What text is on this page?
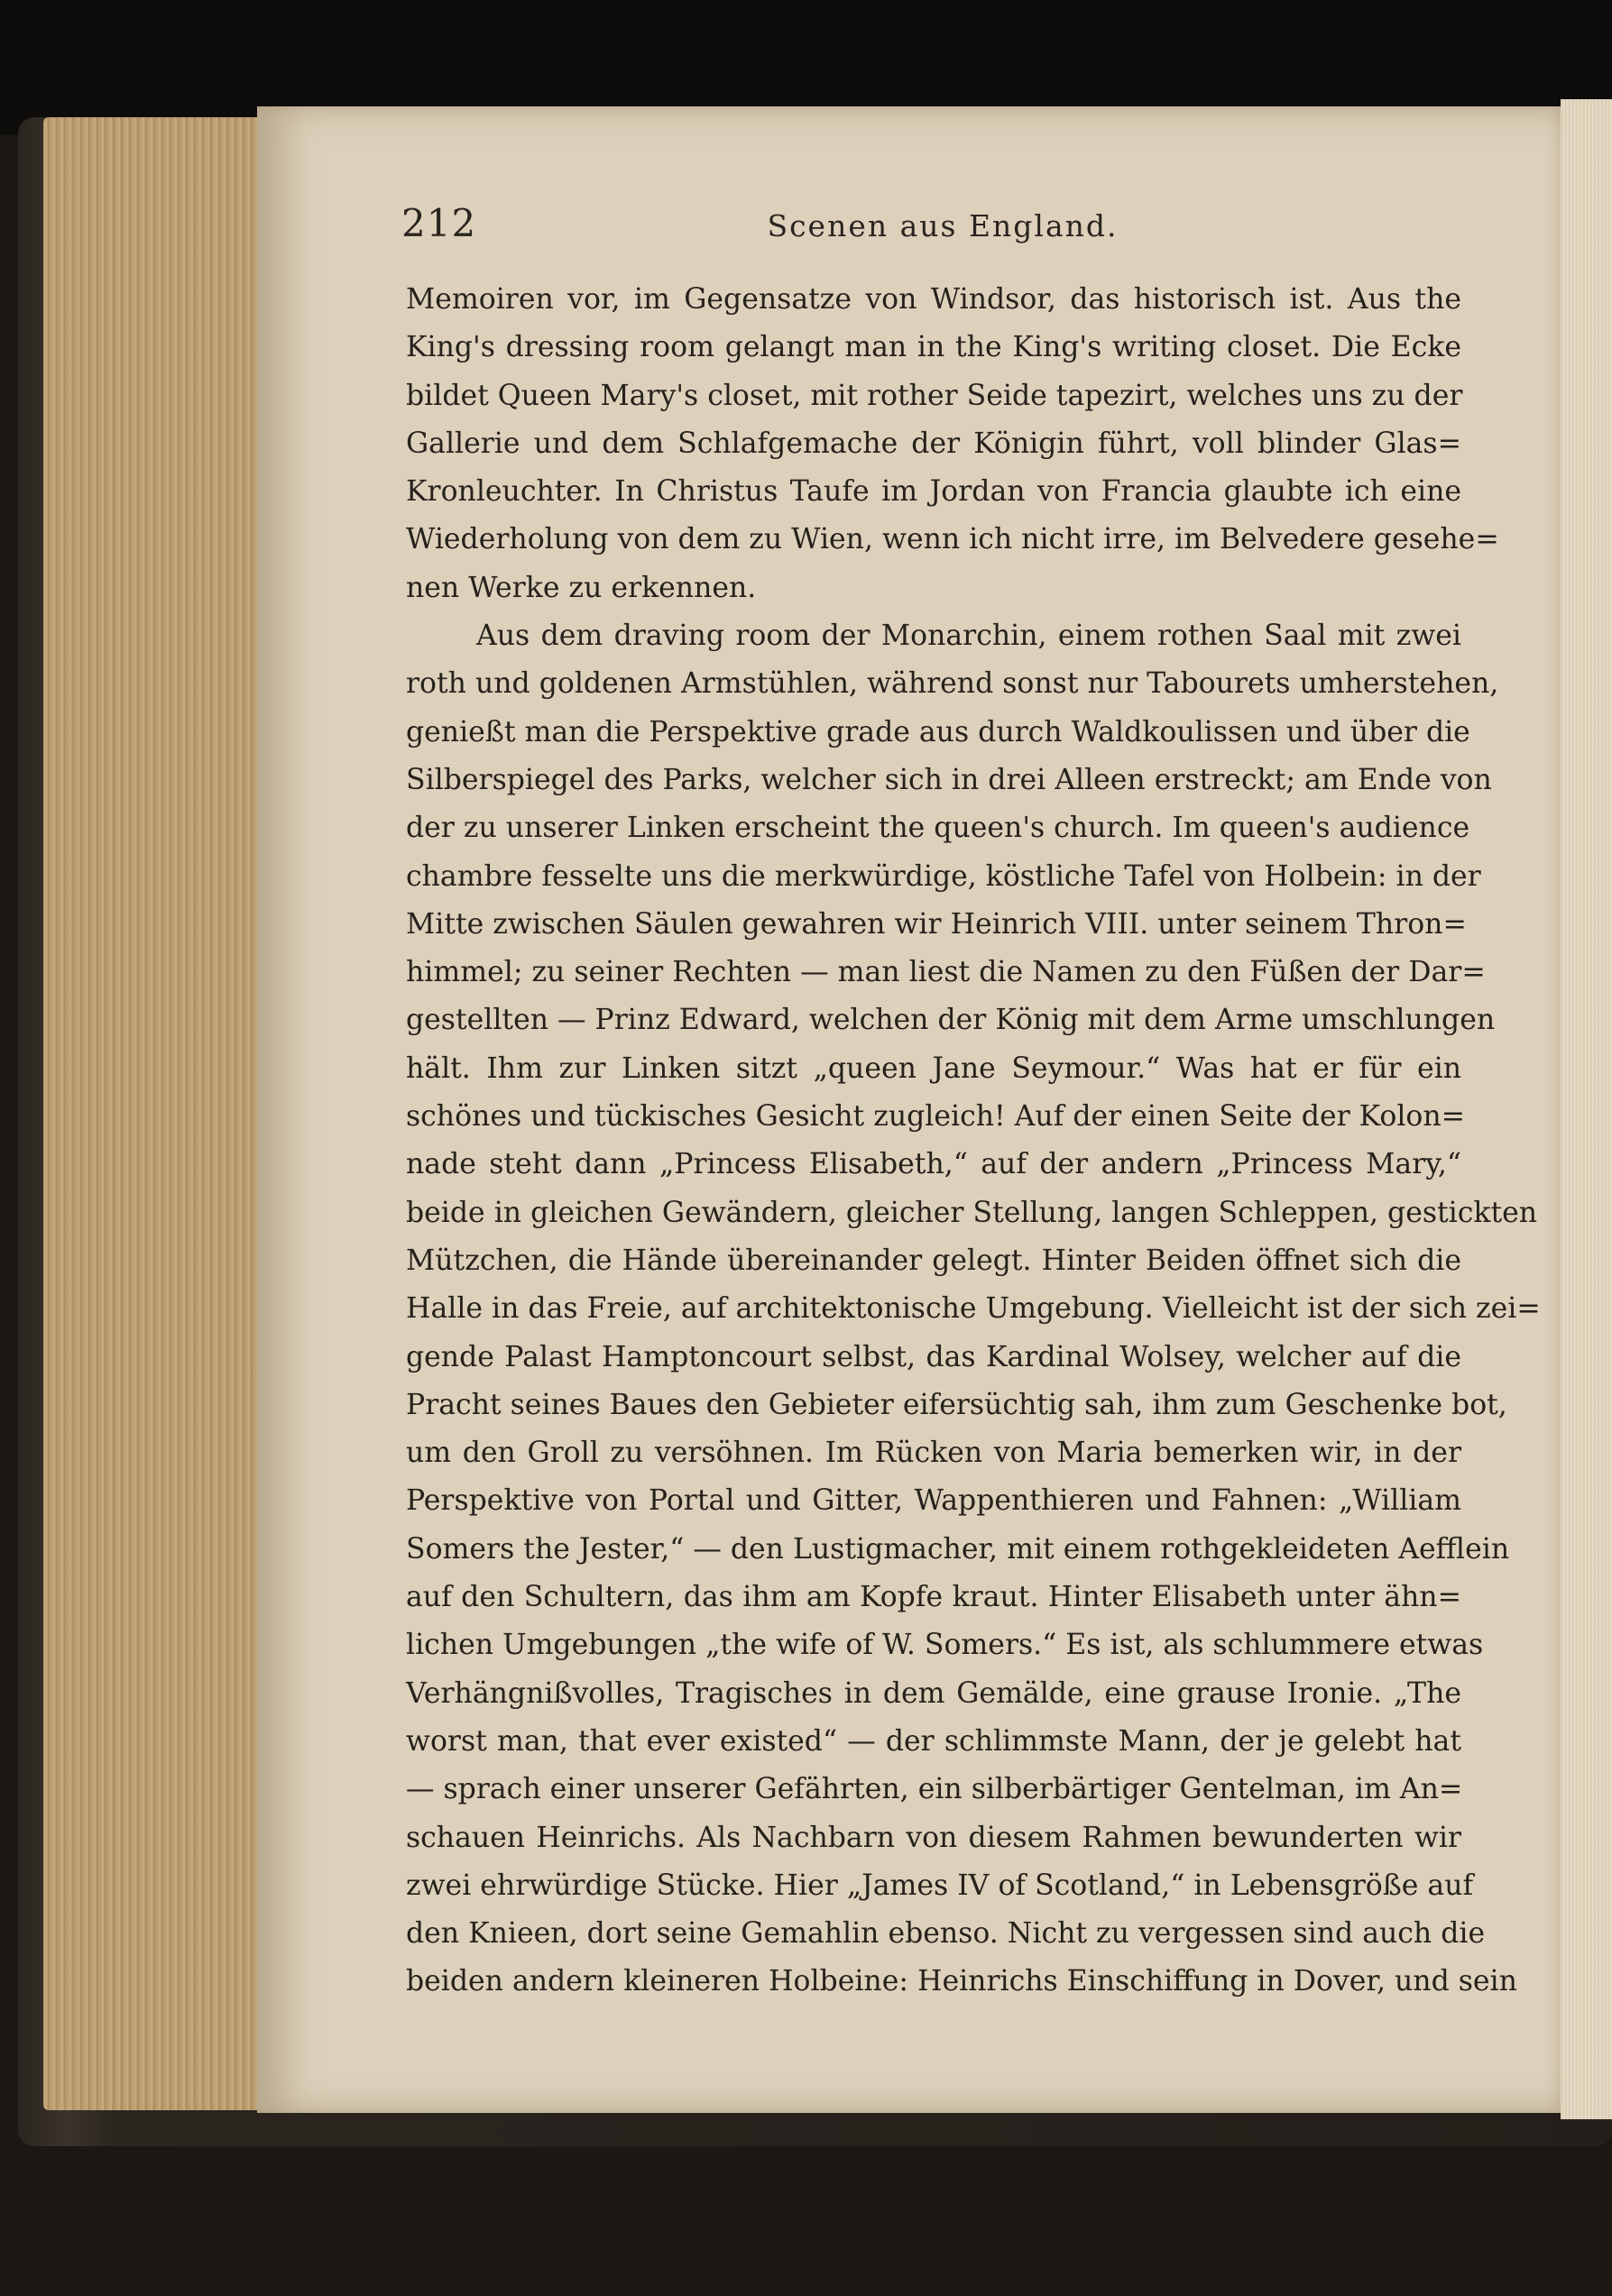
212	Scenen aus England.
Memoiren vor, im Gegensatze von Windsor, das historisch ist. Aus the
King's dressing room gelangt man in the King's writing closet. Die Ecke
bildet Queen Mary's closet, mit rother Seide tapezirt, welches uns zu der
Gallerie und dem Schlafgemache der Königin führt, voll blinder Glas=
Kronleuchter. In Christus Taufe im Jordan von Francia glaubte ich eine
Wiederholung von dem zu Wien, wenn ich nicht irre, im Belvedere gesehe=
nen Werke zu erkennen.
Aus dem draving room der Monarchin, einem rothen Saal mit zwei
roth und goldenen Armstühlen, während sonst nur Tabourets umherstehen,
genießt man die Perspektive grade aus durch Waldkoulissen und über die
Silberspiegel des Parks, welcher sich in drei Alleen erstreckt; am Ende von
der zu unserer Linken erscheint the queen's church. Im queen's audience
chambre fesselte uns die merkwürdige, köstliche Tafel von Holbein: in der
Mitte zwischen Säulen gewahren wir Heinrich VIII. unter seinem Thron=
himmel; zu seiner Rechten — man liest die Namen zu den Füßen der Dar=
gestellten — Prinz Edward, welchen der König mit dem Arme umschlungen
hält. Ihm zur Linken sitzt „queen Jane Seymour.“ Was hat er für ein
schönes und tückisches Gesicht zugleich! Auf der einen Seite der Kolon=
nade steht dann „Princess Elisabeth,“ auf der andern „Princess Mary,“
beide in gleichen Gewändern, gleicher Stellung, langen Schleppen, gestickten
Mützchen, die Hände übereinander gelegt. Hinter Beiden öffnet sich die
Halle in das Freie, auf architektonische Umgebung. Vielleicht ist der sich zei=
gende Palast Hamptoncourt selbst, das Kardinal Wolsey, welcher auf die
Pracht seines Baues den Gebieter eifersüchtig sah, ihm zum Geschenke bot,
um den Groll zu versöhnen. Im Rücken von Maria bemerken wir, in der
Perspektive von Portal und Gitter, Wappenthieren und Fahnen: „William
Somers the Jester,“ — den Lustigmacher, mit einem rothgekleideten Aefflein
auf den Schultern, das ihm am Kopfe kraut. Hinter Elisabeth unter ähn=
lichen Umgebungen „the wife of W. Somers.“ Es ist, als schlummere etwas
Verhängnißvolles, Tragisches in dem Gemälde, eine grause Ironie. „The
worst man, that ever existed“ — der schlimmste Mann, der je gelebt hat
— sprach einer unserer Gefährten, ein silberbärtiger Gentelman, im An=
schauen Heinrichs. Als Nachbarn von diesem Rahmen bewunderten wir
zwei ehrwürdige Stücke. Hier „James IV of Scotland,“ in Lebensgröße auf
den Knieen, dort seine Gemahlin ebenso. Nicht zu vergessen sind auch die
beiden andern kleineren Holbeine: Heinrichs Einschiffung in Dover, und sein
